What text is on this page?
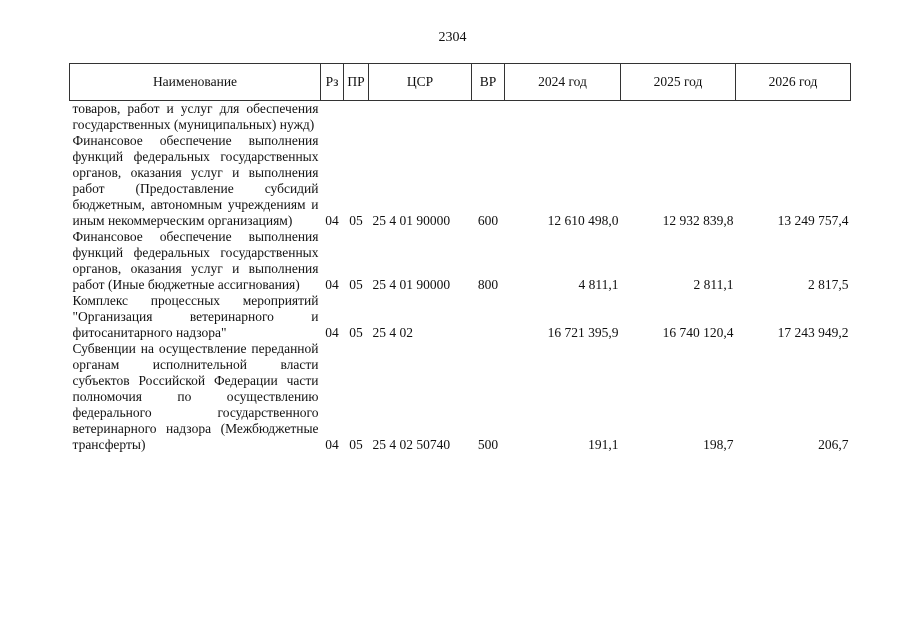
2304
Наименование	Рз	ПР	ЦСР	ВР	2024 год	2025 год	2026 год
товаров, работ и услуг для обеспечения государственных (муниципальных) нужд)							
Финансовое обеспечение выполнения функций федеральных государственных органов, оказания услуг и выполнения работ (Предоставление субсидий бюджетным, автономным учреждениям и иным некоммерческим организациям)	04	05	25 4 01 90000	600	12 610 498,0	12 932 839,8	13 249 757,4
Финансовое обеспечение выполнения функций федеральных государственных органов, оказания услуг и выполнения работ (Иные бюджетные ассигнования)	04	05	25 4 01 90000	800	4 811,1	2 811,1	2 817,5
Комплекс процессных мероприятий "Организация ветеринарного и фитосанитарного надзора"	04	05	25 4 02		16 721 395,9	16 740 120,4	17 243 949,2
Субвенции на осуществление переданной органам исполнительной власти субъектов Российской Федерации части полномочия по осуществлению федерального государственного ветеринарного надзора (Межбюджетные трансферты)	04	05	25 4 02 50740	500	191,1	198,7	206,7
